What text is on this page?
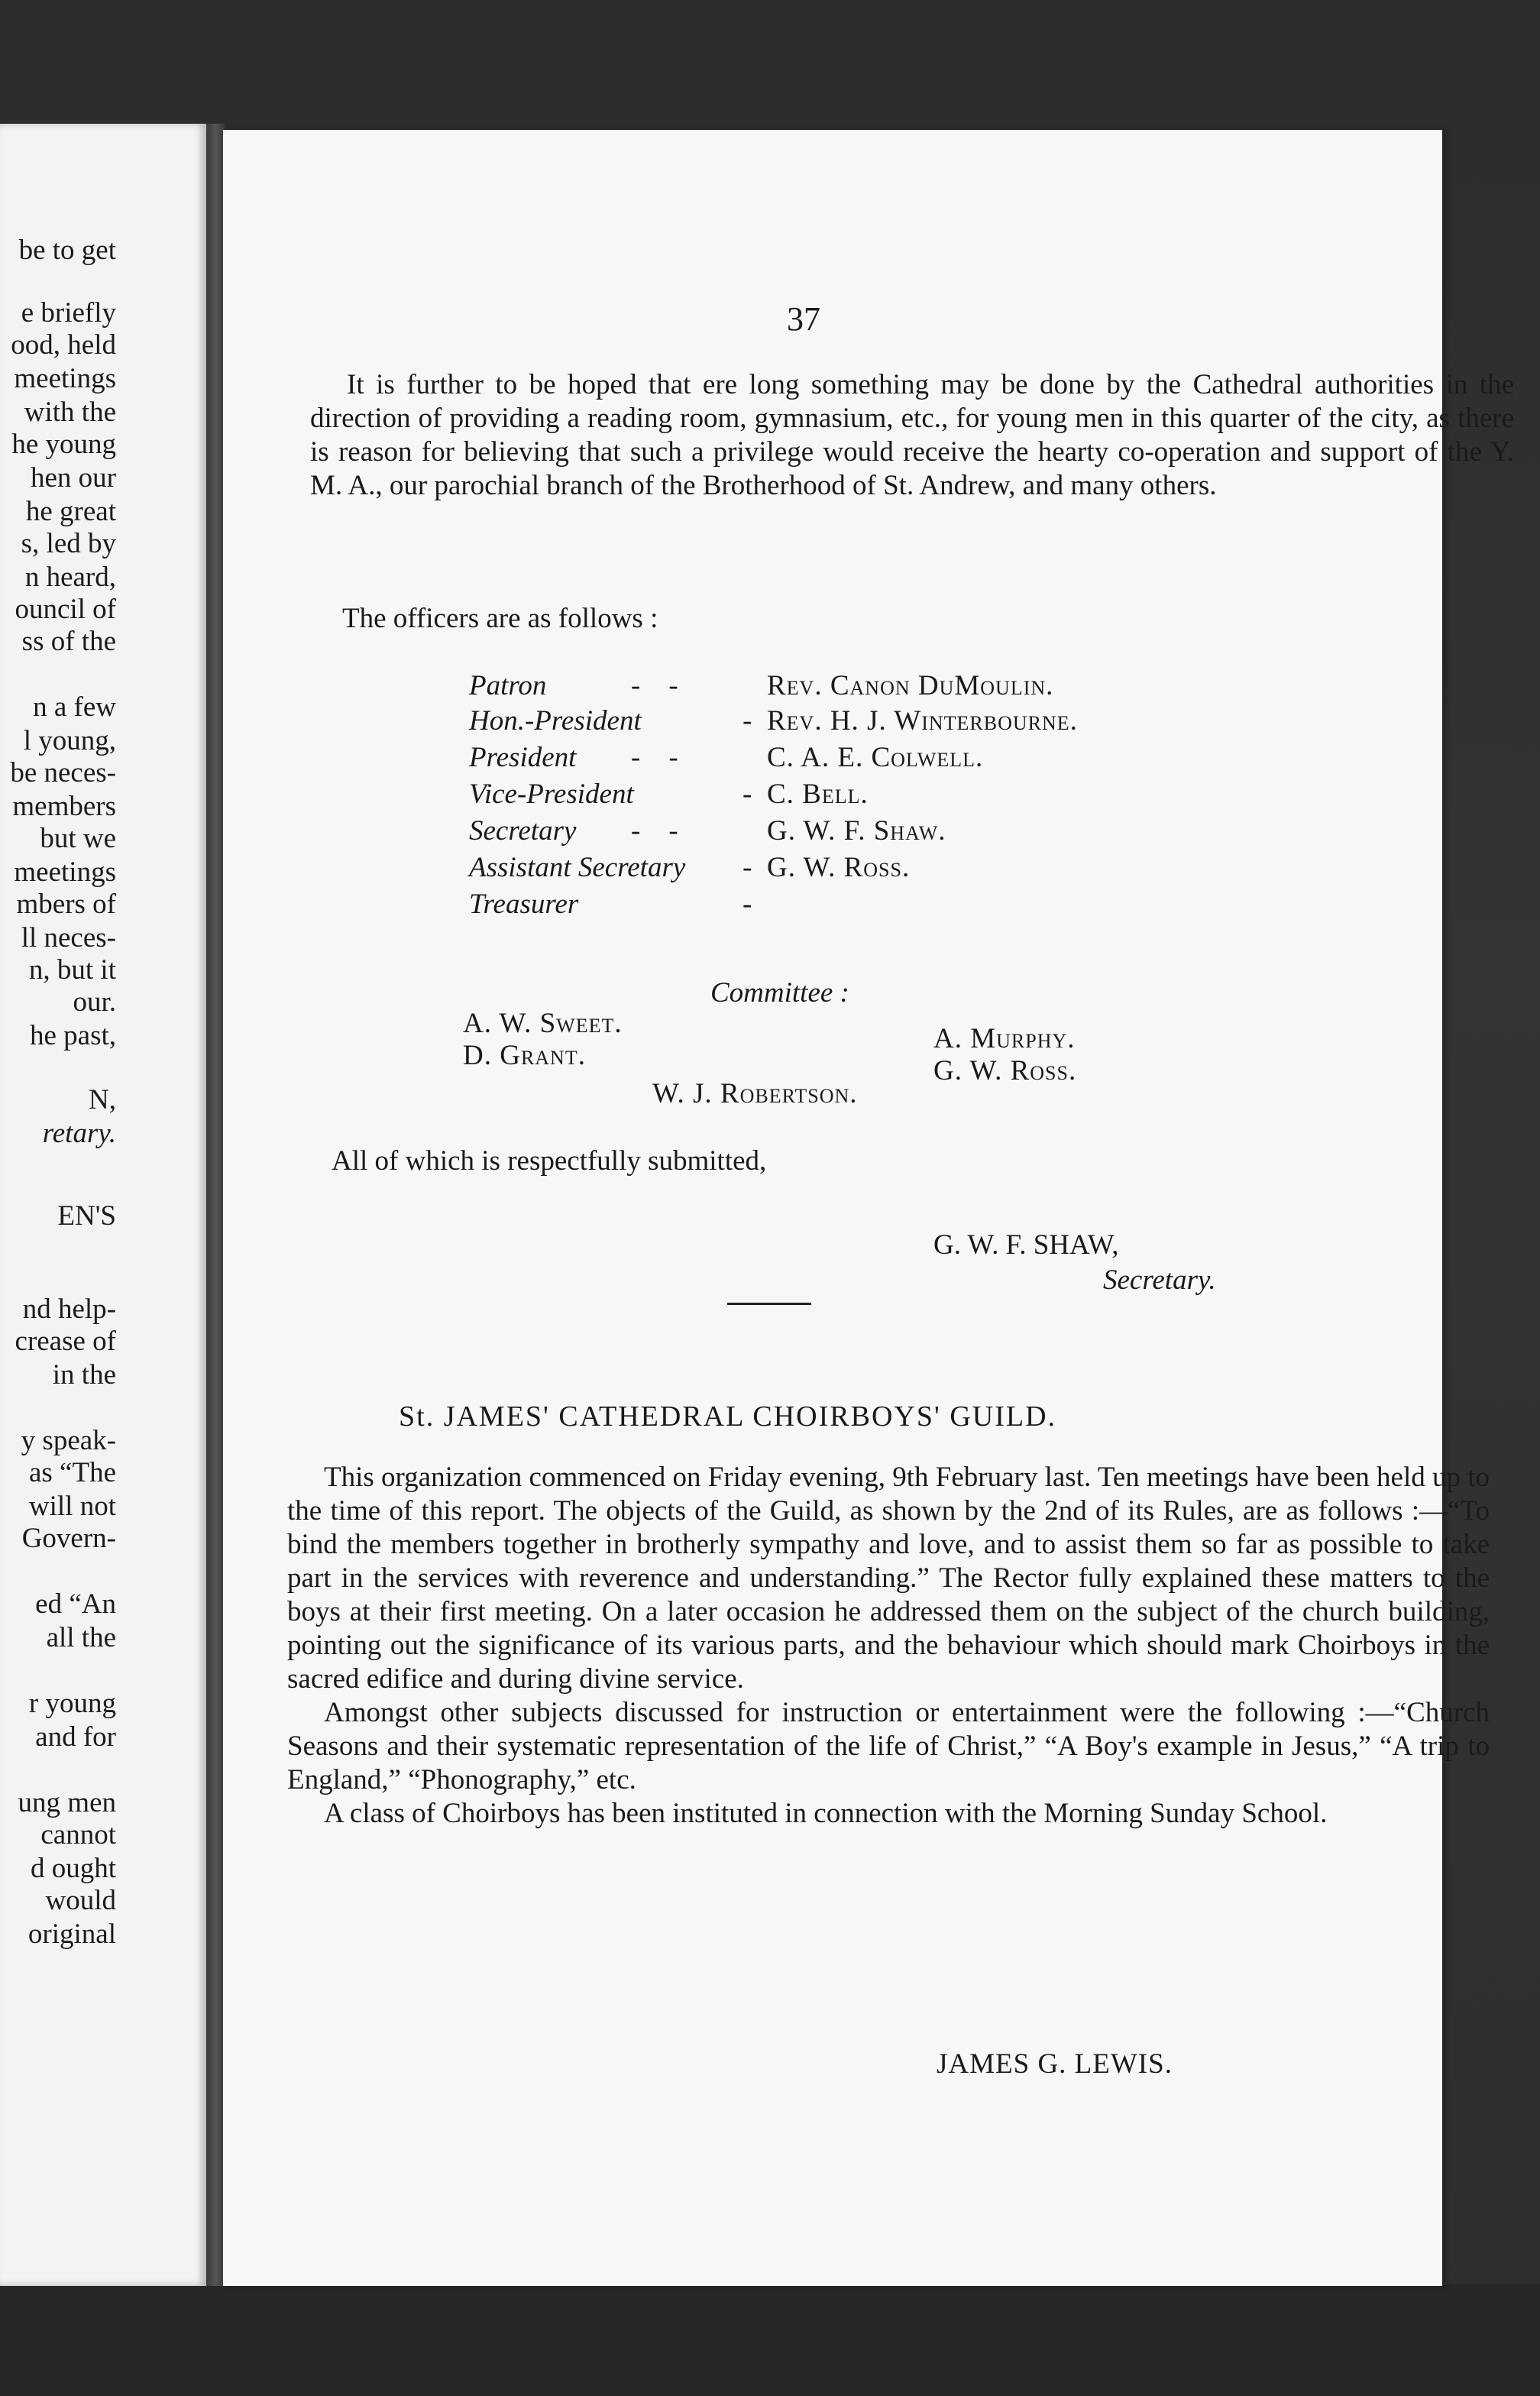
be to get
e briefly
ood, held
meetings
with the
he young
hen our
he great
s, led by
n heard,
ouncil of
ss of the
n a few
l young,
be neces-
members
but we
meetings
mbers of
ll neces-
n, but it
our.
he past,
N,
retary.
EN'S
nd help-
crease of
in the
y speak-
as “The
will not
Govern-
ed “An
all the
r young
and for
ung men
cannot
d ought
would
original
37

It is further to be hoped that ere long something may be done by the Cathedral authorities in the direction of providing a reading room, gymnasium, etc., for young men in this quarter of the city, as there is reason for believing that such a privilege would receive the hearty co-operation and support of the Y. M. A., our parochial branch of the Brotherhood of St. Andrew, and many others.

The officers are as follows :
Patron	-    -	Rev. Canon DuMoulin.
Hon.-President	- Rev. H. J. Winterbourne.
President -    -	C. A. E. Colwell.
Vice-President	- C. Bell.
Secretary -    -	G. W. F. Shaw.
Assistant Secretary - G. W. Ross.
Treasurer	-
Committee :
A. W. Sweet.
D. Grant.
A. Murphy.
G. W. Ross.
W. J. Robertson.
All of which is respectfully submitted,
G. W. F. SHAW,
Secretary.
St. JAMES' CATHEDRAL CHOIRBOYS' GUILD.

This organization commenced on Friday evening, 9th February last. Ten meetings have been held up to the time of this report. The objects of the Guild, as shown by the 2nd of its Rules, are as follows :—“To bind the members together in brotherly sympathy and love, and to assist them so far as possible to take part in the services with reverence and understanding.” The Rector fully explained these matters to the boys at their first meeting. On a later occasion he addressed them on the subject of the church building, pointing out the significance of its various parts, and the behaviour which should mark Choirboys in the sacred edifice and during divine service.

Amongst other subjects discussed for instruction or entertainment were the following :—“Church Seasons and their systematic representation of the life of Christ,” “A Boy's example in Jesus,” “A trip to England,” “Phonography,” etc.

A class of Choirboys has been instituted in connection with the Morning Sunday School.

JAMES G. LEWIS.
